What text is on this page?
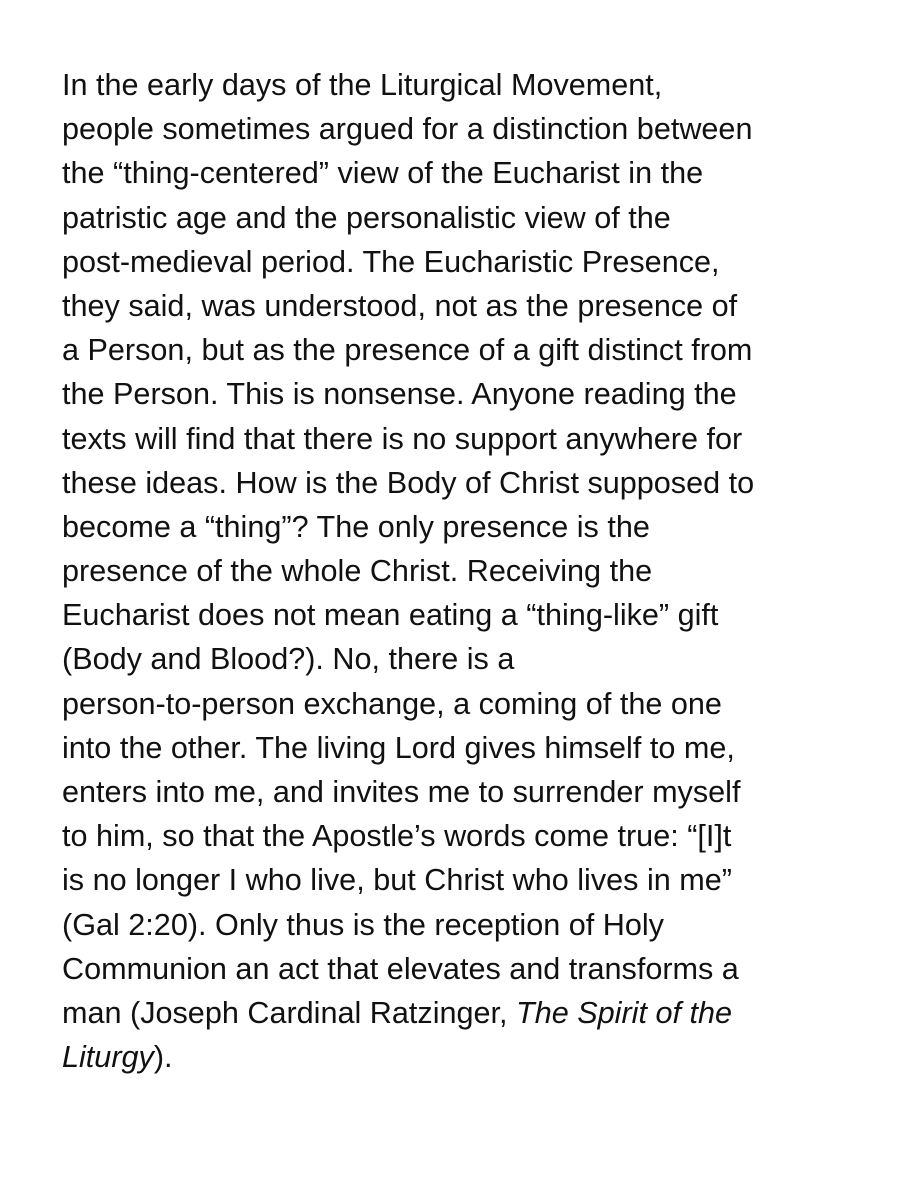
In the early days of the Liturgical Movement,
people sometimes argued for a distinction between
the “thing-centered” view of the Eucharist in the
patristic age and the personalistic view of the
post-medieval period. The Eucharistic Presence,
they said, was understood, not as the presence of
a Person, but as the presence of a gift distinct from
the Person. This is nonsense. Anyone reading the
texts will find that there is no support anywhere for
these ideas. How is the Body of Christ supposed to
become a “thing”? The only presence is the
presence of the whole Christ. Receiving the
Eucharist does not mean eating a “thing-like” gift
(Body and Blood?). No, there is a
person-to-person exchange, a coming of the one
into the other. The living Lord gives himself to me,
enters into me, and invites me to surrender myself
to him, so that the Apostle’s words come true: “[I]t
is no longer I who live, but Christ who lives in me”
(Gal 2:20). Only thus is the reception of Holy
Communion an act that elevates and transforms a
man (Joseph Cardinal Ratzinger, The Spirit of the
Liturgy).
